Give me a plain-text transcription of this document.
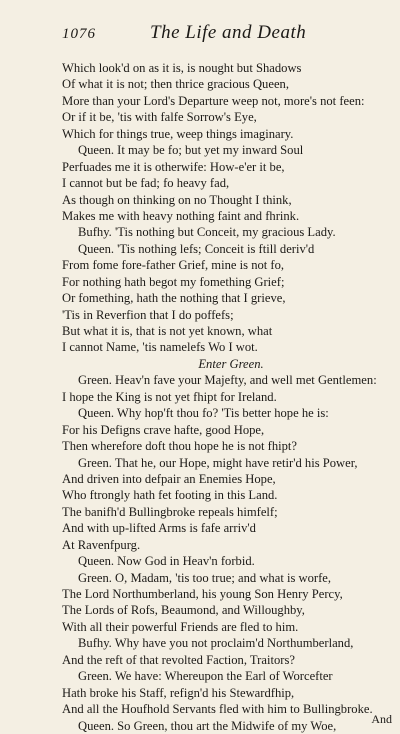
1076	The Life and Death
Which look'd on as it is, is nought but Shadows
Of what it is not; then thrice gracious Queen,
More than your Lord's Departure weep not, more's not feen:
Or if it be, 'tis with falfe Sorrow's Eye,
Which for things true, weep things imaginary.
Queen. It may be fo; but yet my inward Soul
Perfuades me it is otherwife: How-e'er it be,
I cannot but be fad; fo heavy fad,
As though on thinking on no Thought I think,
Makes me with heavy nothing faint and fhrink.
Bufhy. 'Tis nothing but Conceit, my gracious Lady.
Queen. 'Tis nothing lefs; Conceit is ftill deriv'd
From fome fore-father Grief, mine is not fo,
For nothing hath begot my fomething Grief;
Or fomething, hath the nothing that I grieve,
'Tis in Reverfion that I do poffefs;
But what it is, that is not yet known, what
I cannot Name, 'tis namelefs Wo I wot.
Enter Green.
Green. Heav'n fave your Majefty, and well met Gentlemen:
I hope the King is not yet fhipt for Ireland.
Queen. Why hop'ft thou fo? 'Tis better hope he is:
For his Defigns crave hafte, good Hope,
Then wherefore doft thou hope he is not fhipt?
Green. That he, our Hope, might have retir'd his Power,
And driven into defpair an Enemies Hope,
Who ftrongly hath fet footing in this Land.
The banifh'd Bullingbroke repeals himfelf;
And with up-lifted Arms is fafe arriv'd
At Ravenfpurg.
Queen. Now God in Heav'n forbid.
Green. O, Madam, 'tis too true; and what is worfe,
The Lord Northumberland, his young Son Henry Percy,
The Lords of Rofs, Beaumond, and Willoughby,
With all their powerful Friends are fled to him.
Bufhy. Why have you not proclaim'd Northumberland,
And the reft of that revolted Faction, Traitors?
Green. We have: Whereupon the Earl of Worcefter
Hath broke his Staff, refign'd his Stewardfhip,
And all the Houfhold Servants fled with him to Bullingbroke.
Queen. So Green, thou art the Midwife of my Woe,	And
